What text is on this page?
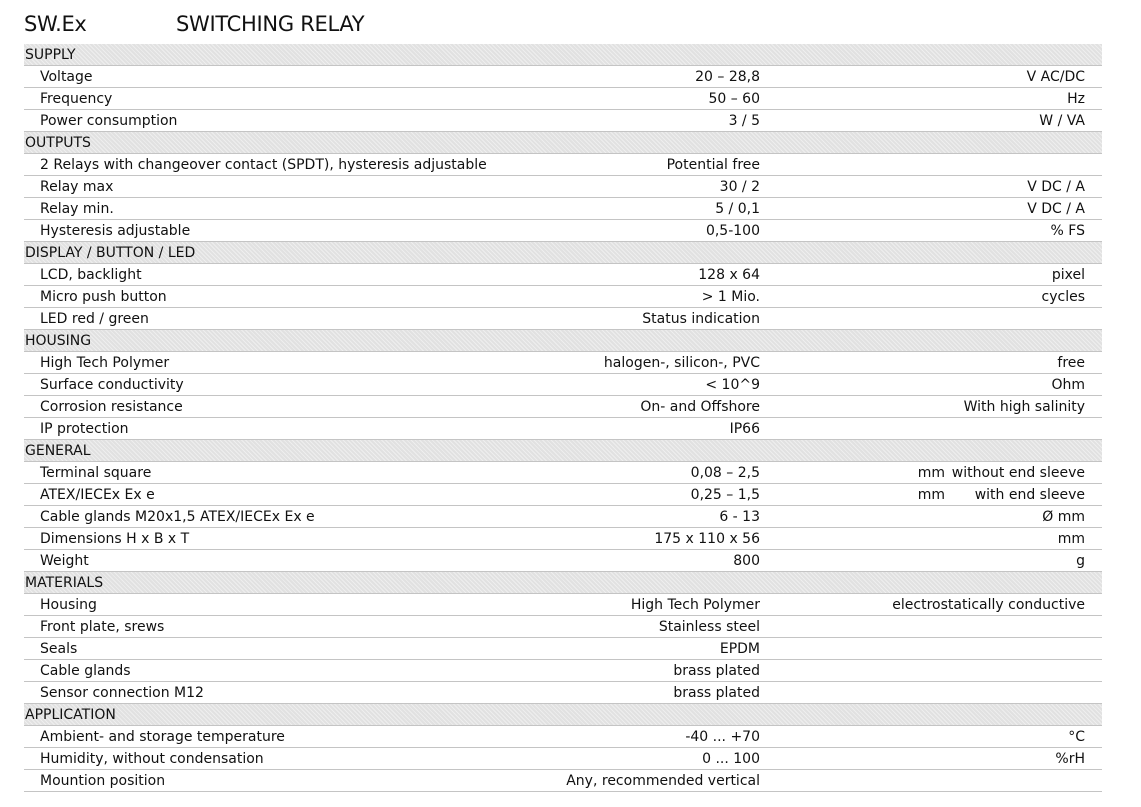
SW.Ex	SWITCHING RELAY
SUPPLY
Voltage	20 – 28,8	V AC/DC
Frequency	50 – 60	Hz
Power consumption	3 / 5	W / VA
OUTPUTS
2 Relays with changeover contact (SPDT), hysteresis adjustable	Potential free
Relay max	30 / 2	V DC / A
Relay min.	5 / 0,1	V DC / A
Hysteresis adjustable	0,5-100	% FS
DISPLAY / BUTTON / LED
LCD, backlight	128 x 64	pixel
Micro push button	> 1 Mio.	cycles
LED red / green	Status indication
HOUSING
High Tech Polymer	halogen-, silicon-, PVC	free
Surface conductivity	< 10^9	Ohm
Corrosion resistance	On- and Offshore	With high salinity
IP protection	IP66
GENERAL
Terminal square	0,08 – 2,5	mm without end sleeve
ATEX/IECEx Ex e	0,25 – 1,5	mm with end sleeve
Cable glands M20x1,5 ATEX/IECEx Ex e	6 - 13	Ø mm
Dimensions H x B x T	175 x 110 x 56	mm
Weight	800	g
MATERIALS
Housing	High Tech Polymer	electrostatically conductive
Front plate, srews	Stainless steel
Seals	EPDM
Cable glands	brass plated
Sensor connection M12	brass plated
APPLICATION
Ambient- and storage temperature	-40 ... +70	°C
Humidity, without condensation	0 ... 100	%rH
Mountion position	Any, recommended vertical
